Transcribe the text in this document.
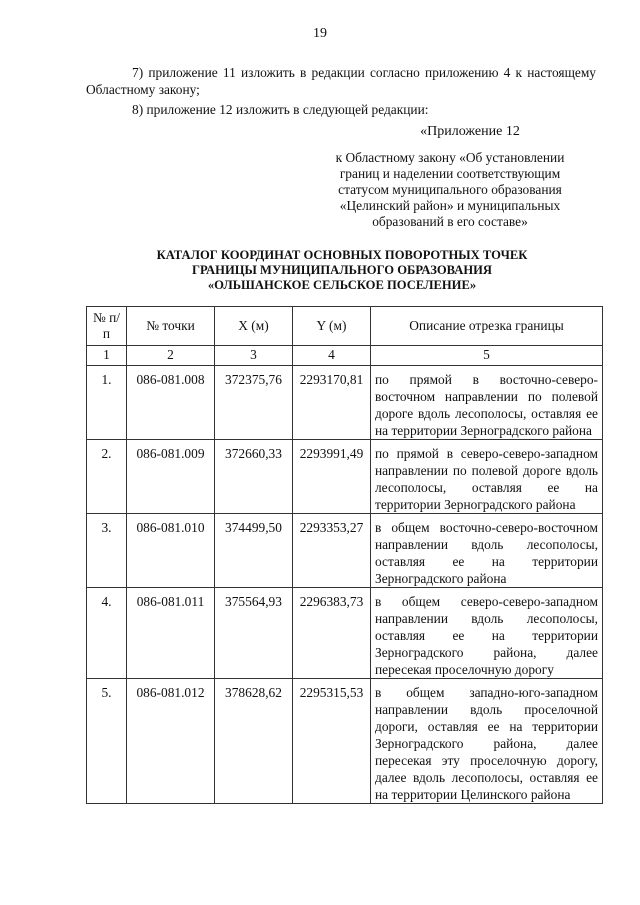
19
7) приложение 11 изложить в редакции согласно приложению 4 к настоящему Областному закону;
8) приложение 12 изложить в следующей редакции:
«Приложение 12
к Областному закону «Об установлении
границ и наделении соответствующим
статусом муниципального образования
«Целинский район» и муниципальных
образований в его составе»
КАТАЛОГ КООРДИНАТ ОСНОВНЫХ ПОВОРОТНЫХ ТОЧЕК
ГРАНИЦЫ МУНИЦИПАЛЬНОГО ОБРАЗОВАНИЯ
«ОЛЬШАНСКОЕ СЕЛЬСКОЕ ПОСЕЛЕНИЕ»
№ п/п	№ точки	X (м)	Y (м)	Описание отрезка границы
1	2	3	4	5
1.	086-081.008	372375,76	2293170,81	по прямой в восточно-северо-восточном направлении по полевой дороге вдоль лесополосы, оставляя ее на территории Зерноградского района
2.	086-081.009	372660,33	2293991,49	по прямой в северо-северо-западном направлении по полевой дороге вдоль лесополосы, оставляя ее на территории Зерноградского района
3.	086-081.010	374499,50	2293353,27	в общем восточно-северо-восточном направлении вдоль лесополосы, оставляя ее на территории Зерноградского района
4.	086-081.011	375564,93	2296383,73	в общем северо-северо-западном направлении вдоль лесополосы, оставляя ее на территории Зерноградского района, далее пересекая проселочную дорогу
5.	086-081.012	378628,62	2295315,53	в общем западно-юго-западном направлении вдоль проселочной дороги, оставляя ее на территории Зерноградского района, далее пересекая эту проселочную дорогу, далее вдоль лесополосы, оставляя ее на территории Целинского района
